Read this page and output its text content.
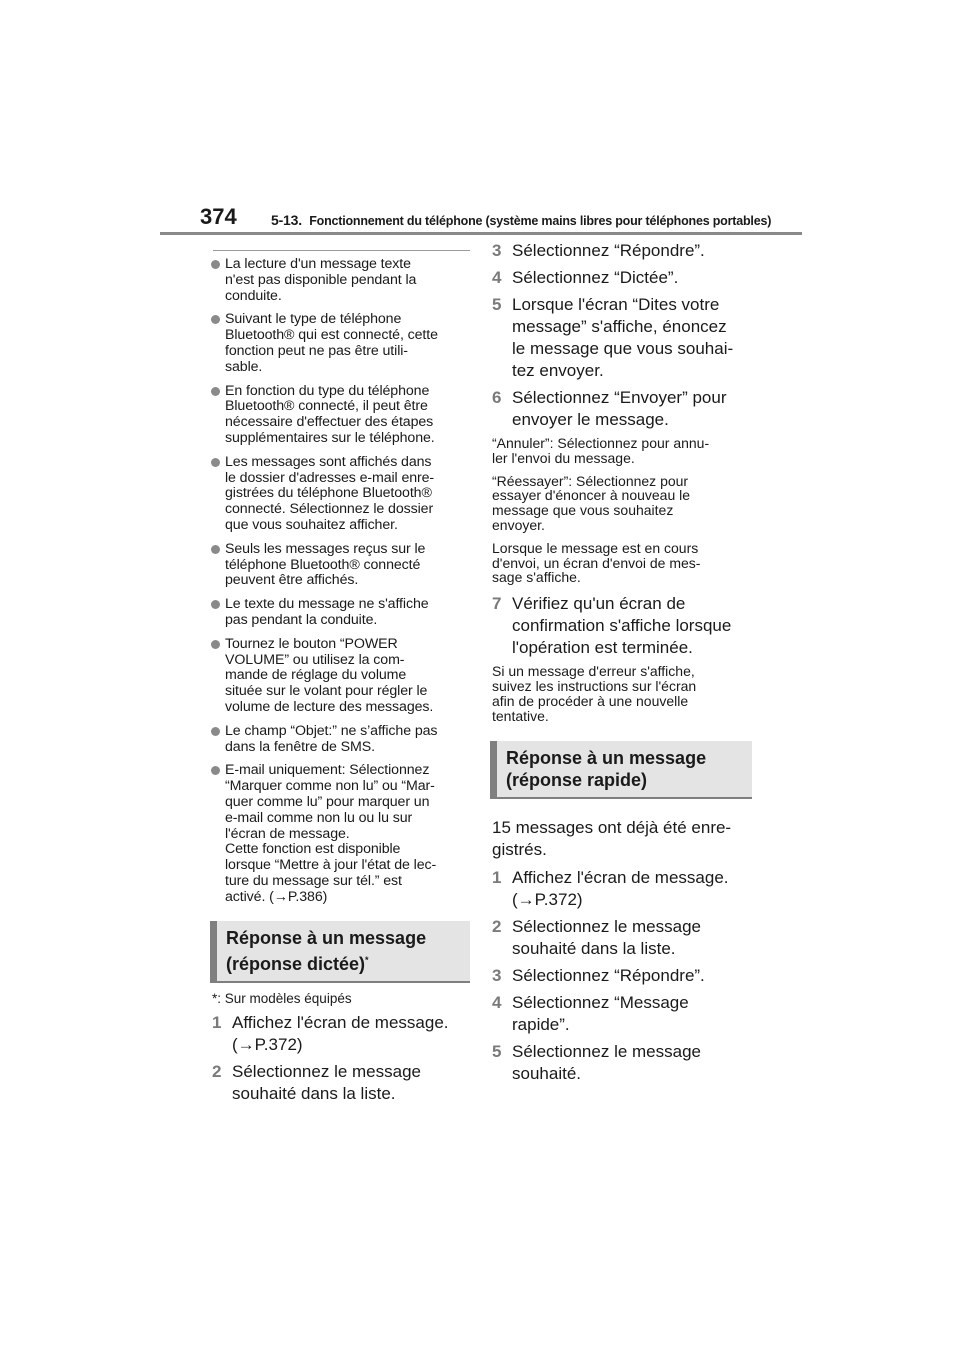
374 5-13. Fonctionnement du téléphone (système mains libres pour téléphones portables)
La lecture d'un message texte
n'est pas disponible pendant la
conduite.
Suivant le type de téléphone
Bluetooth® qui est connecté, cette
fonction peut ne pas être utili-
sable.
En fonction du type du téléphone
Bluetooth® connecté, il peut être
nécessaire d'effectuer des étapes
supplémentaires sur le téléphone.
Les messages sont affichés dans
le dossier d'adresses e-mail enre-
gistrées du téléphone Bluetooth®
connecté. Sélectionnez le dossier
que vous souhaitez afficher.
Seuls les messages reçus sur le
téléphone Bluetooth® connecté
peuvent être affichés.
Le texte du message ne s'affiche
pas pendant la conduite.
Tournez le bouton “POWER
VOLUME” ou utilisez la com-
mande de réglage du volume
située sur le volant pour régler le
volume de lecture des messages.
Le champ “Objet:” ne s’affiche pas
dans la fenêtre de SMS.
E-mail uniquement: Sélectionnez
“Marquer comme non lu” ou “Mar-
quer comme lu” pour marquer un
e-mail comme non lu ou lu sur
l'écran de message.
Cette fonction est disponible
lorsque “Mettre à jour l'état de lec-
ture du message sur tél.” est
activé. (→P.386)
Réponse à un message
(réponse dictée)*
*: Sur modèles équipés
1 Affichez l'écran de message.
(→P.372)
2 Sélectionnez le message
souhaité dans la liste.
3 Sélectionnez “Répondre”.
4 Sélectionnez “Dictée”.
5 Lorsque l'écran “Dites votre
message” s'affiche, énoncez
le message que vous souhai-
tez envoyer.
6 Sélectionnez “Envoyer” pour
envoyer le message.
“Annuler”: Sélectionnez pour annu-
ler l'envoi du message.
“Réessayer”: Sélectionnez pour
essayer d'énoncer à nouveau le
message que vous souhaitez
envoyer.
Lorsque le message est en cours
d'envoi, un écran d'envoi de mes-
sage s'affiche.
7 Vérifiez qu'un écran de
confirmation s'affiche lorsque
l'opération est terminée.
Si un message d'erreur s'affiche,
suivez les instructions sur l'écran
afin de procéder à une nouvelle
tentative.
Réponse à un message
(réponse rapide)
15 messages ont déjà été enre-
gistrés.
1 Affichez l'écran de message.
(→P.372)
2 Sélectionnez le message
souhaité dans la liste.
3 Sélectionnez “Répondre”.
4 Sélectionnez “Message
rapide”.
5 Sélectionnez le message
souhaité.
